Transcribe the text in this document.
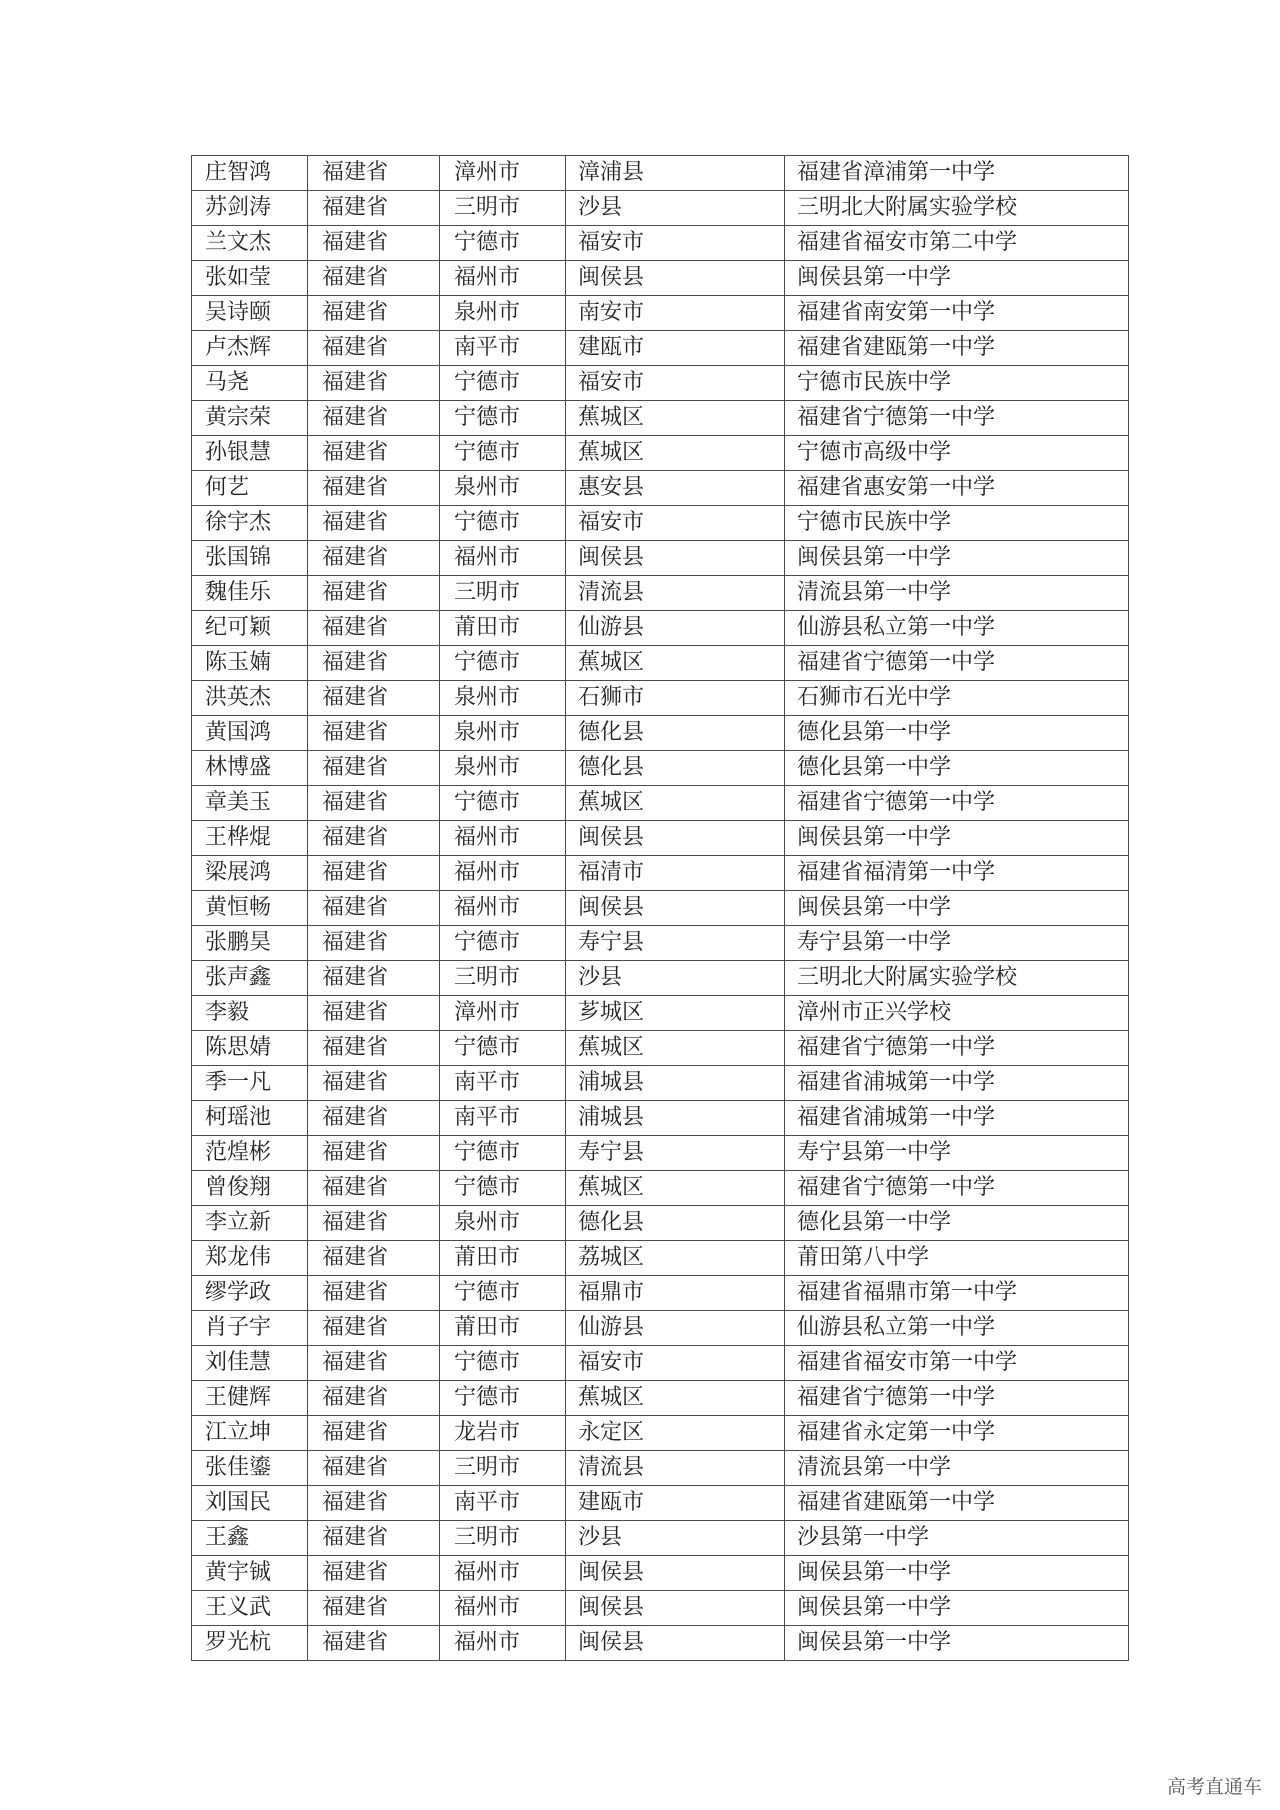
庄智鸿	福建省	漳州市	漳浦县	福建省漳浦第一中学
苏剑涛	福建省	三明市	沙县	三明北大附属实验学校
兰文杰	福建省	宁德市	福安市	福建省福安市第二中学
张如莹	福建省	福州市	闽侯县	闽侯县第一中学
吴诗颐	福建省	泉州市	南安市	福建省南安第一中学
卢杰辉	福建省	南平市	建瓯市	福建省建瓯第一中学
马尧	福建省	宁德市	福安市	宁德市民族中学
黄宗荣	福建省	宁德市	蕉城区	福建省宁德第一中学
孙银慧	福建省	宁德市	蕉城区	宁德市高级中学
何艺	福建省	泉州市	惠安县	福建省惠安第一中学
徐宇杰	福建省	宁德市	福安市	宁德市民族中学
张国锦	福建省	福州市	闽侯县	闽侯县第一中学
魏佳乐	福建省	三明市	清流县	清流县第一中学
纪可颖	福建省	莆田市	仙游县	仙游县私立第一中学
陈玉婻	福建省	宁德市	蕉城区	福建省宁德第一中学
洪英杰	福建省	泉州市	石狮市	石狮市石光中学
黄国鸿	福建省	泉州市	德化县	德化县第一中学
林博盛	福建省	泉州市	德化县	德化县第一中学
章美玉	福建省	宁德市	蕉城区	福建省宁德第一中学
王桦焜	福建省	福州市	闽侯县	闽侯县第一中学
梁展鸿	福建省	福州市	福清市	福建省福清第一中学
黄恒畅	福建省	福州市	闽侯县	闽侯县第一中学
张鹏昊	福建省	宁德市	寿宁县	寿宁县第一中学
张声鑫	福建省	三明市	沙县	三明北大附属实验学校
李毅	福建省	漳州市	芗城区	漳州市正兴学校
陈思婧	福建省	宁德市	蕉城区	福建省宁德第一中学
季一凡	福建省	南平市	浦城县	福建省浦城第一中学
柯瑶池	福建省	南平市	浦城县	福建省浦城第一中学
范煌彬	福建省	宁德市	寿宁县	寿宁县第一中学
曾俊翔	福建省	宁德市	蕉城区	福建省宁德第一中学
李立新	福建省	泉州市	德化县	德化县第一中学
郑龙伟	福建省	莆田市	荔城区	莆田第八中学
缪学政	福建省	宁德市	福鼎市	福建省福鼎市第一中学
肖子宇	福建省	莆田市	仙游县	仙游县私立第一中学
刘佳慧	福建省	宁德市	福安市	福建省福安市第一中学
王健辉	福建省	宁德市	蕉城区	福建省宁德第一中学
江立坤	福建省	龙岩市	永定区	福建省永定第一中学
张佳鎏	福建省	三明市	清流县	清流县第一中学
刘国民	福建省	南平市	建瓯市	福建省建瓯第一中学
王鑫	福建省	三明市	沙县	沙县第一中学
黄宇铖	福建省	福州市	闽侯县	闽侯县第一中学
王义武	福建省	福州市	闽侯县	闽侯县第一中学
罗光杭	福建省	福州市	闽侯县	闽侯县第一中学
高考直通车
